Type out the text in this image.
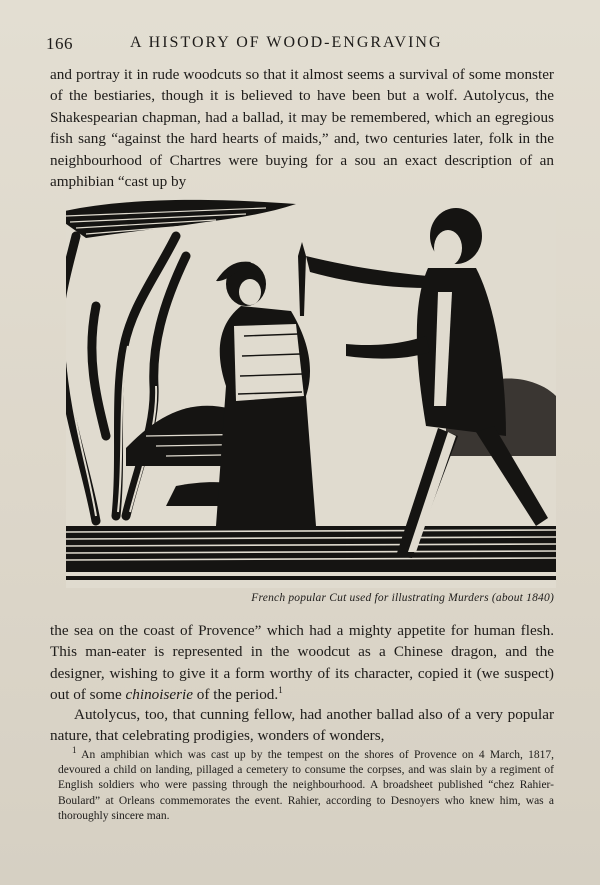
166	A HISTORY OF WOOD-ENGRAVING

and portray it in rude woodcuts so that it almost seems a survival of some monster of the bestiaries, though it is believed to have been but a wolf. Autolycus, the Shakespearian chapman, had a ballad, it may be remembered, which an egregious fish sang “against the hard hearts of maids,” and, two centuries later, folk in the neighbourhood of Chartres were buying for a sou an exact description of an amphibian “cast up by

French popular Cut used for illustrating Murders (about 1840)

the sea on the coast of Provence” which had a mighty appetite for human flesh. This man-eater is represented in the woodcut as a Chinese dragon, and the designer, wishing to give it a form worthy of its character, copied it (we suspect) out of some chinoiserie of the period.$^1$

Autolycus, too, that cunning fellow, had another ballad also of a very popular nature, that celebrating prodigies, wonders of wonders,

$^1$ An amphibian which was cast up by the tempest on the shores of Provence on 4 March, 1817, devoured a child on landing, pillaged a cemetery to consume the corpses, and was slain by a regiment of English soldiers who were passing through the neighbourhood. A broadsheet published “chez Rahier-Boulard” at Orleans commemorates the event. Rahier, according to Desnoyers who knew him, was a thoroughly sincere man.
